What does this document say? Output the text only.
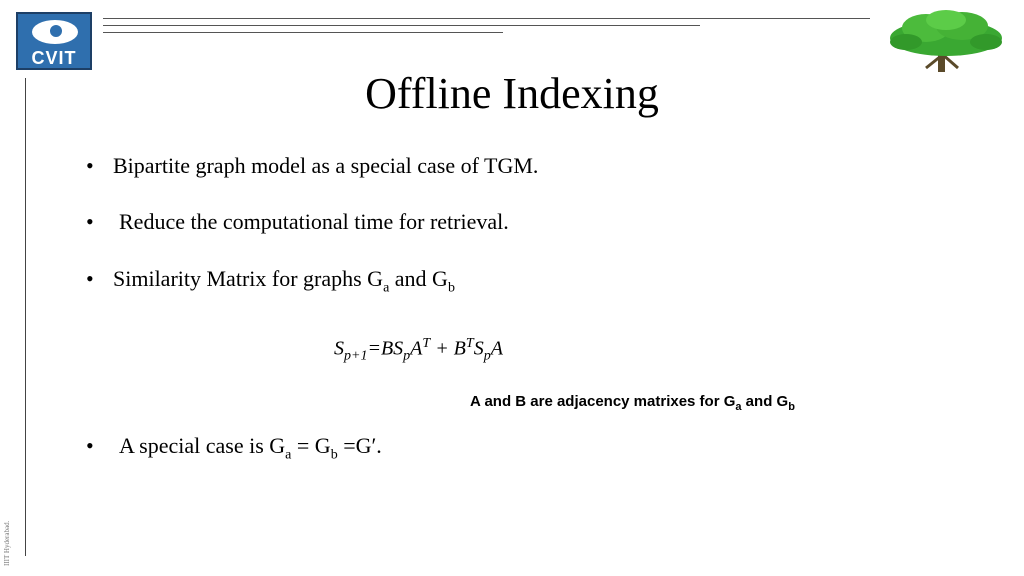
CVIT
IIIT Hyderabad.
Offline Indexing
• Bipartite graph model as a special case of TGM.
• Reduce the computational time for retrieval.
• Similarity Matrix for graphs $G_a$ and $G_b$
$S_{p+1}=BS_pA^T + B^TS_pA$
A and B are adjacency matrixes for $G_a$ and $G_b$
• A special case is $G_a = G_b =G'$.
